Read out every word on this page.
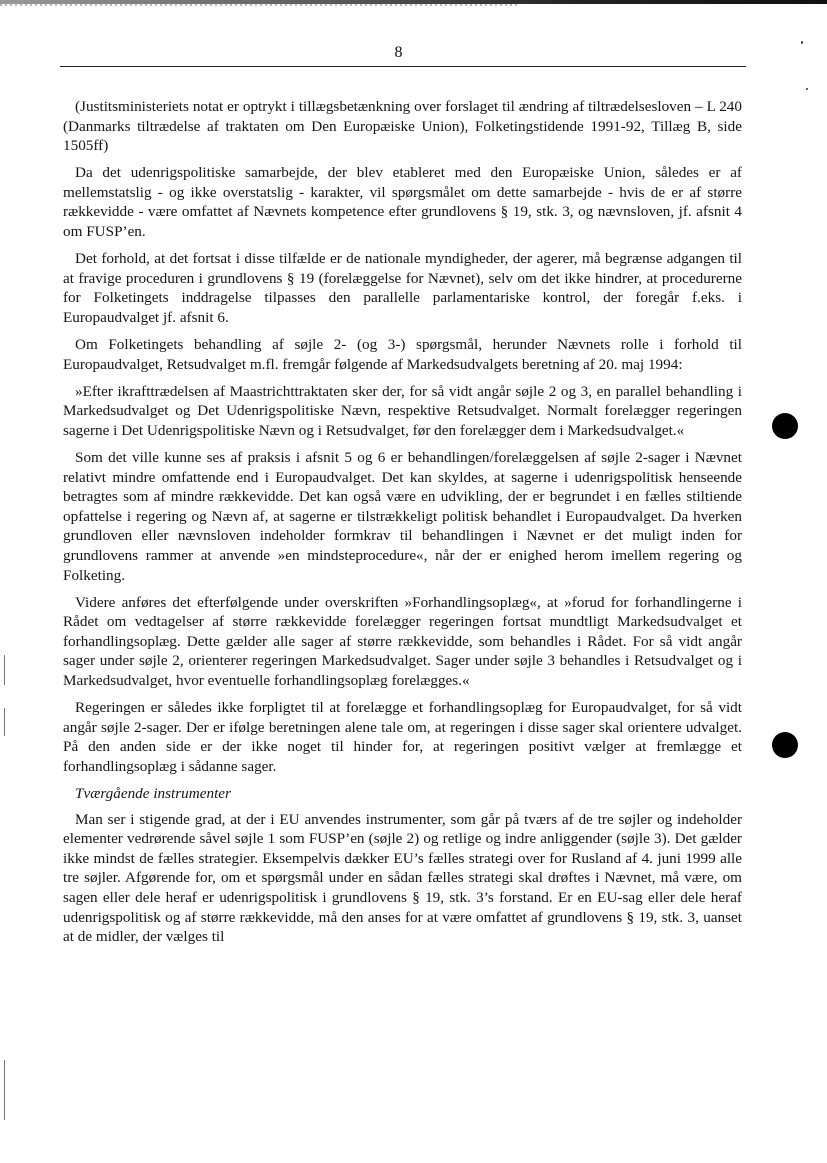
8

(Justitsministeriets notat er optrykt i tillægsbetænkning over forslaget til ændring af tiltrædelsesloven – L 240 (Danmarks tiltrædelse af traktaten om Den Europæiske Union), Folketingstidende 1991-92, Tillæg B, side 1505ff)

Da det udenrigspolitiske samarbejde, der blev etableret med den Europæiske Union, således er af mellemstatslig - og ikke overstatslig - karakter, vil spørgsmålet om dette samarbejde - hvis de er af større rækkevidde - være omfattet af Nævnets kompetence efter grundlovens § 19, stk. 3, og nævnsloven, jf. afsnit 4 om FUSP’en.

Det forhold, at det fortsat i disse tilfælde er de nationale myndigheder, der agerer, må begrænse adgangen til at fravige proceduren i grundlovens § 19 (forelæggelse for Nævnet), selv om det ikke hindrer, at procedurerne for Folketingets inddragelse tilpasses den parallelle parlamentariske kontrol, der foregår f.eks. i Europaudvalget jf. afsnit 6.

Om Folketingets behandling af søjle 2- (og 3-) spørgsmål, herunder Nævnets rolle i forhold til Europaudvalget, Retsudvalget m.fl. fremgår følgende af Markedsudvalgets beretning af 20. maj 1994:

»Efter ikrafttrædelsen af Maastrichttraktaten sker der, for så vidt angår søjle 2 og 3, en parallel behandling i Markedsudvalget og Det Udenrigspolitiske Nævn, respektive Retsudvalget. Normalt forelægger regeringen sagerne i Det Udenrigspolitiske Nævn og i Retsudvalget, før den forelægger dem i Markedsudvalget.«

Som det ville kunne ses af praksis i afsnit 5 og 6 er behandlingen/forelæggelsen af søjle 2-sager i Nævnet relativt mindre omfattende end i Europaudvalget. Det kan skyldes, at sagerne i udenrigspolitisk henseende betragtes som af mindre rækkevidde. Det kan også være en udvikling, der er begrundet i en fælles stiltiende opfattelse i regering og Nævn af, at sagerne er tilstrækkeligt politisk behandlet i Europaudvalget. Da hverken grundloven eller nævnsloven indeholder formkrav til behandlingen i Nævnet er det muligt inden for grundlovens rammer at anvende »en mindsteprocedure«, når der er enighed herom imellem regering og Folketing.

Videre anføres det efterfølgende under overskriften »Forhandlingsoplæg«, at »forud for forhandlingerne i Rådet om vedtagelser af større rækkevidde forelægger regeringen fortsat mundtligt Markedsudvalget et forhandlingsoplæg. Dette gælder alle sager af større rækkevidde, som behandles i Rådet. For så vidt angår sager under søjle 2, orienterer regeringen Markedsudvalget. Sager under søjle 3 behandles i Retsudvalget og i Markedsudvalget, hvor eventuelle forhandlingsoplæg forelægges.«

Regeringen er således ikke forpligtet til at forelægge et forhandlingsoplæg for Europaudvalget, for så vidt angår søjle 2-sager. Der er ifølge beretningen alene tale om, at regeringen i disse sager skal orientere udvalget. På den anden side er der ikke noget til hinder for, at regeringen positivt vælger at fremlægge et forhandlingsoplæg i sådanne sager.

Tværgående instrumenter

Man ser i stigende grad, at der i EU anvendes instrumenter, som går på tværs af de tre søjler og indeholder elementer vedrørende såvel søjle 1 som FUSP’en (søjle 2) og retlige og indre anliggender (søjle 3). Det gælder ikke mindst de fælles strategier. Eksempelvis dækker EU’s fælles strategi over for Rusland af 4. juni 1999 alle tre søjler. Afgørende for, om et spørgsmål under en sådan fælles strategi skal drøftes i Nævnet, må være, om sagen eller dele heraf er udenrigspolitisk i grundlovens § 19, stk. 3’s forstand. Er en EU-sag eller dele heraf udenrigspolitisk og af større rækkevidde, må den anses for at være omfattet af grundlovens § 19, stk. 3, uanset at de midler, der vælges til
